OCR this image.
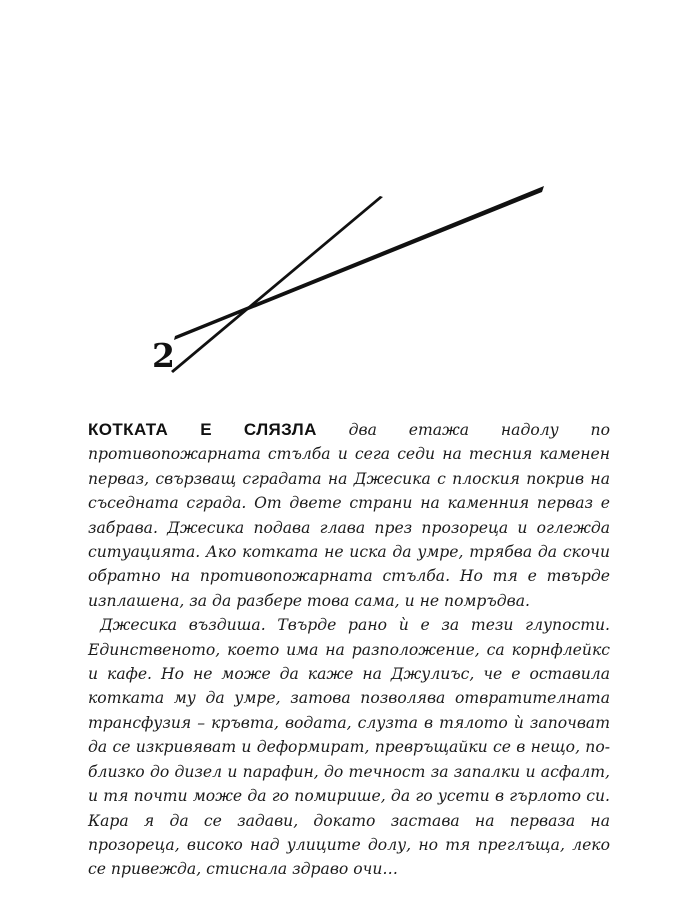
2

КОТКАТА Е СЛЯЗЛА два етажа надолу по противопожарната стълба и сега седи на тесния каменен перваз, свързващ сградата на Джесика с плоския покрив на съседната сграда. От двете страни на каменния перваз е забрава. Джесика подава глава през прозореца и оглежда ситуацията. Ако котката не иска да умре, трябва да скочи обратно на противопожарната стълба. Но тя е твърде изплашена, за да разбере това сама, и не помръдва.

Джесика въздиша. Твърде рано ù е за тези глупости. Единственото, което има на разположение, са корнфлейкс и кафе. Но не може да каже на Джулиъс, че е оставила котката му да умре, затова позволява отвратителната трансфузия – кръвта, водата, слузта в тялото ù започват да се изкривяват и деформират, превръщайки се в нещо, по-близко до дизел и парафин, до течност за запалки и асфалт, и тя почти може да го помирише, да го усети в гърлото си. Кара я да се задави, докато застава на перваза на прозореца, високо над улиците долу, но тя преглъща, леко се привежда, стиснала здраво очи…
